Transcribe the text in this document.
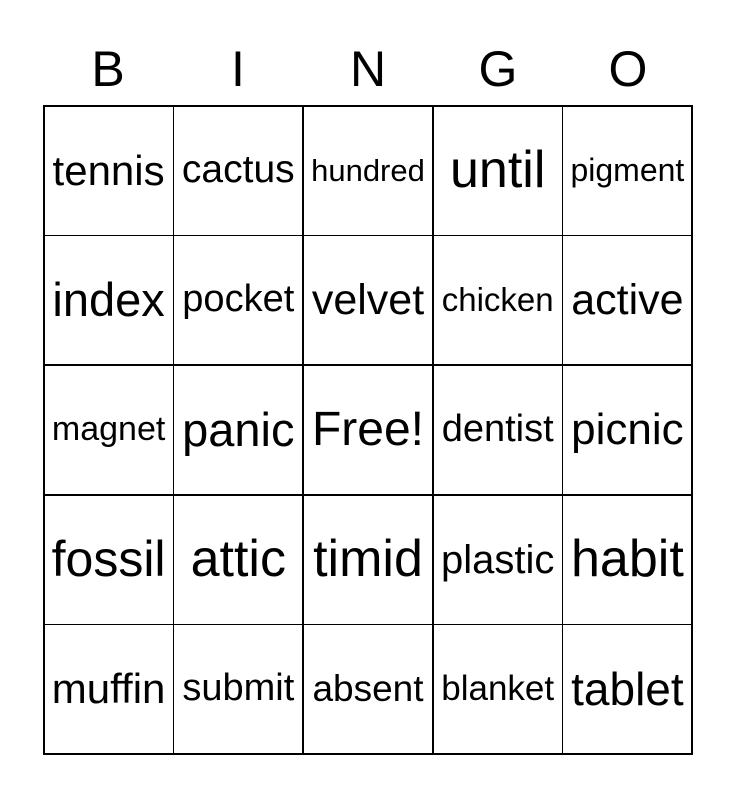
B	I	N	G	O
tennis cactus hundred until pigment
index pocket velvet chicken active
magnet panic Free! dentist picnic
fossil attic timid plastic habit
muffin submit absent blanket tablet
